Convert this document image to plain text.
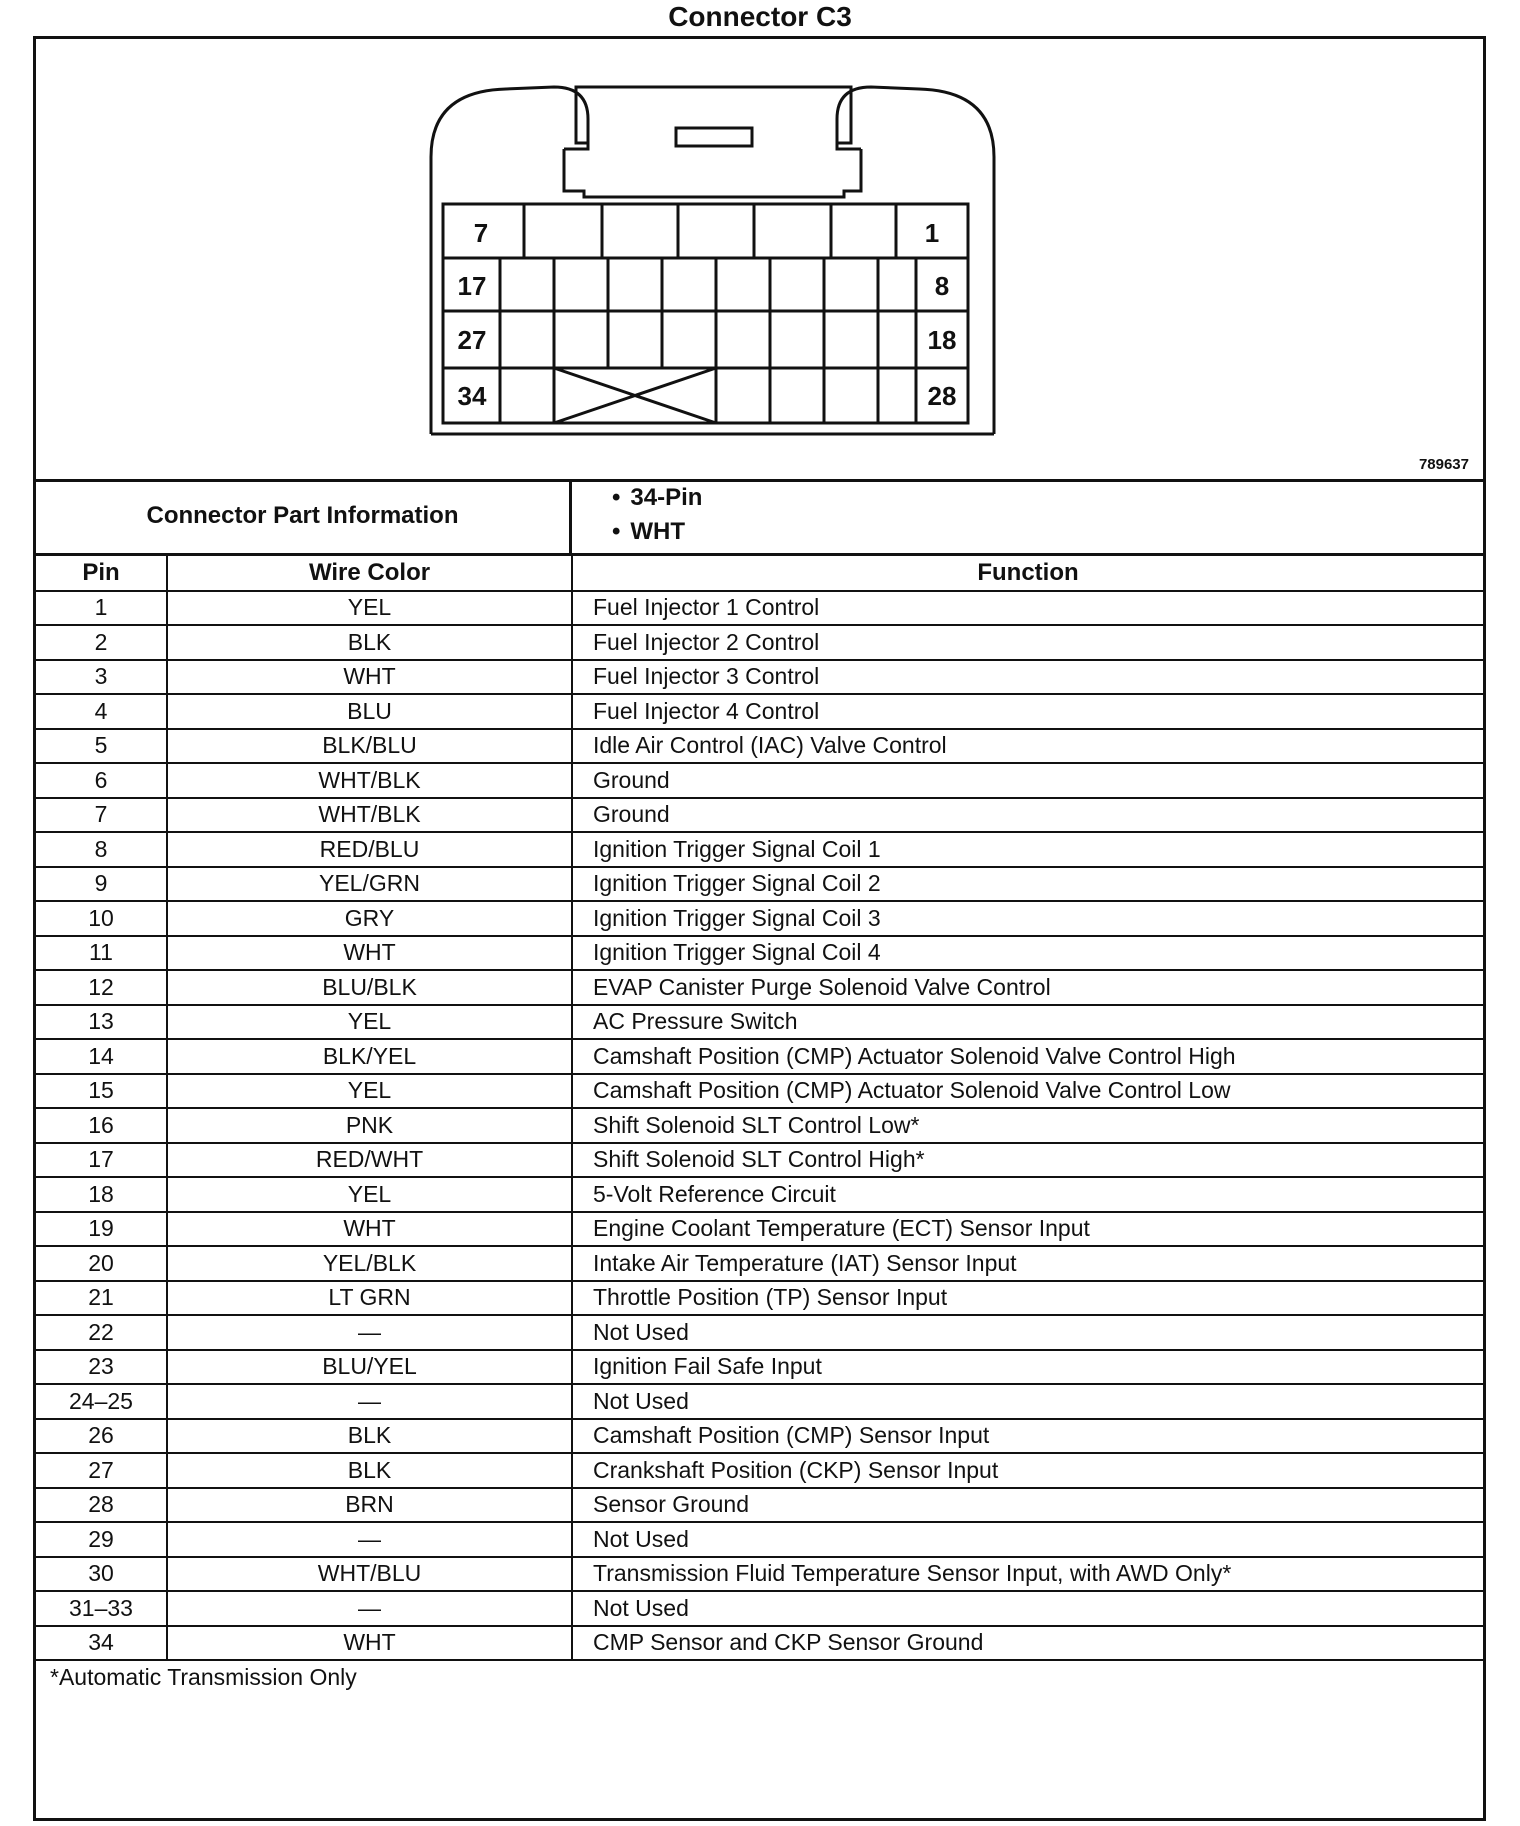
Connector C3
7	1
17	8
27	18
34	28
789637
Connector Part Information
• 34-Pin
• WHT
Pin	Wire Color	Function
1	YEL	Fuel Injector 1 Control
2	BLK	Fuel Injector 2 Control
3	WHT	Fuel Injector 3 Control
4	BLU	Fuel Injector 4 Control
5	BLK/BLU	Idle Air Control (IAC) Valve Control
6	WHT/BLK	Ground
7	WHT/BLK	Ground
8	RED/BLU	Ignition Trigger Signal Coil 1
9	YEL/GRN	Ignition Trigger Signal Coil 2
10	GRY	Ignition Trigger Signal Coil 3
11	WHT	Ignition Trigger Signal Coil 4
12	BLU/BLK	EVAP Canister Purge Solenoid Valve Control
13	YEL	AC Pressure Switch
14	BLK/YEL	Camshaft Position (CMP) Actuator Solenoid Valve Control High
15	YEL	Camshaft Position (CMP) Actuator Solenoid Valve Control Low
16	PNK	Shift Solenoid SLT Control Low*
17	RED/WHT	Shift Solenoid SLT Control High*
18	YEL	5-Volt Reference Circuit
19	WHT	Engine Coolant Temperature (ECT) Sensor Input
20	YEL/BLK	Intake Air Temperature (IAT) Sensor Input
21	LT GRN	Throttle Position (TP) Sensor Input
22	—	Not Used
23	BLU/YEL	Ignition Fail Safe Input
24–25	—	Not Used
26	BLK	Camshaft Position (CMP) Sensor Input
27	BLK	Crankshaft Position (CKP) Sensor Input
28	BRN	Sensor Ground
29	—	Not Used
30	WHT/BLU	Transmission Fluid Temperature Sensor Input, with AWD Only*
31–33	—	Not Used
34	WHT	CMP Sensor and CKP Sensor Ground
*Automatic Transmission Only		
